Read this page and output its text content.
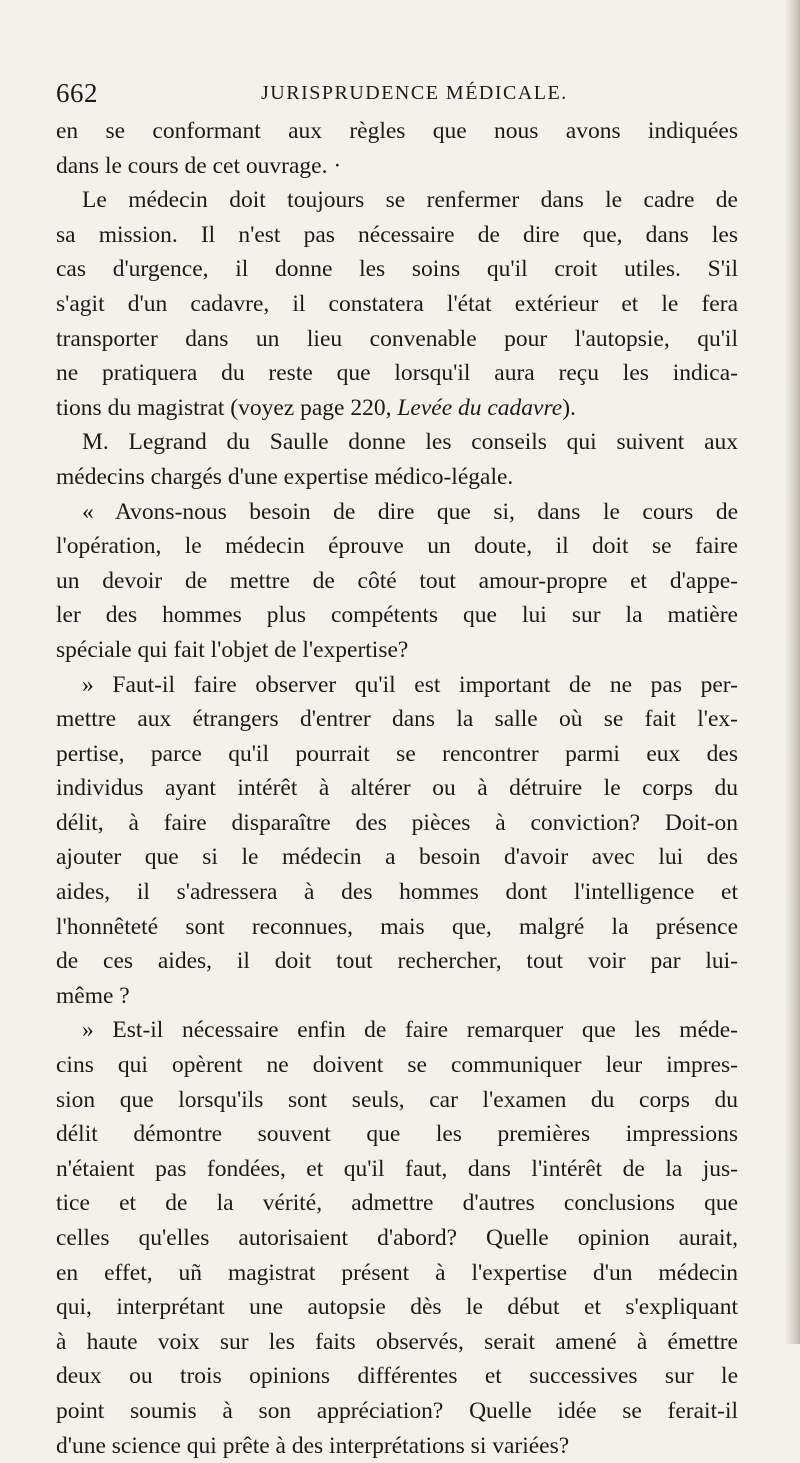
662	JURISPRUDENCE MÉDICALE.
en se conformant aux règles que nous avons indiquées
dans le cours de cet ouvrage. ·
Le médecin doit toujours se renfermer dans le cadre de
sa mission. Il n'est pas nécessaire de dire que, dans les
cas d'urgence, il donne les soins qu'il croit utiles. S'il
s'agit d'un cadavre, il constatera l'état extérieur et le fera
transporter dans un lieu convenable pour l'autopsie, qu'il
ne pratiquera du reste que lorsqu'il aura reçu les indica-
tions du magistrat (voyez page 220, Levée du cadavre).
M. Legrand du Saulle donne les conseils qui suivent aux
médecins chargés d'une expertise médico-légale.
« Avons-nous besoin de dire que si, dans le cours de
l'opération, le médecin éprouve un doute, il doit se faire
un devoir de mettre de côté tout amour-propre et d'appe-
ler des hommes plus compétents que lui sur la matière
spéciale qui fait l'objet de l'expertise?
» Faut-il faire observer qu'il est important de ne pas per-
mettre aux étrangers d'entrer dans la salle où se fait l'ex-
pertise, parce qu'il pourrait se rencontrer parmi eux des
individus ayant intérêt à altérer ou à détruire le corps du
délit, à faire disparaître des pièces à conviction? Doit-on
ajouter que si le médecin a besoin d'avoir avec lui des
aides, il s'adressera à des hommes dont l'intelligence et
l'honnêteté sont reconnues, mais que, malgré la présence
de ces aides, il doit tout rechercher, tout voir par lui-
même ?
» Est-il nécessaire enfin de faire remarquer que les méde-
cins qui opèrent ne doivent se communiquer leur impres-
sion que lorsqu'ils sont seuls, car l'examen du corps du
délit démontre souvent que les premières impressions
n'étaient pas fondées, et qu'il faut, dans l'intérêt de la jus-
tice et de la vérité, admettre d'autres conclusions que
celles qu'elles autorisaient d'abord? Quelle opinion aurait,
en effet, uñ magistrat présent à l'expertise d'un médecin
qui, interprétant une autopsie dès le début et s'expliquant
à haute voix sur les faits observés, serait amené à émettre
deux ou trois opinions différentes et successives sur le
point soumis à son appréciation? Quelle idée se ferait-il
d'une science qui prête à des interprétations si variées?
